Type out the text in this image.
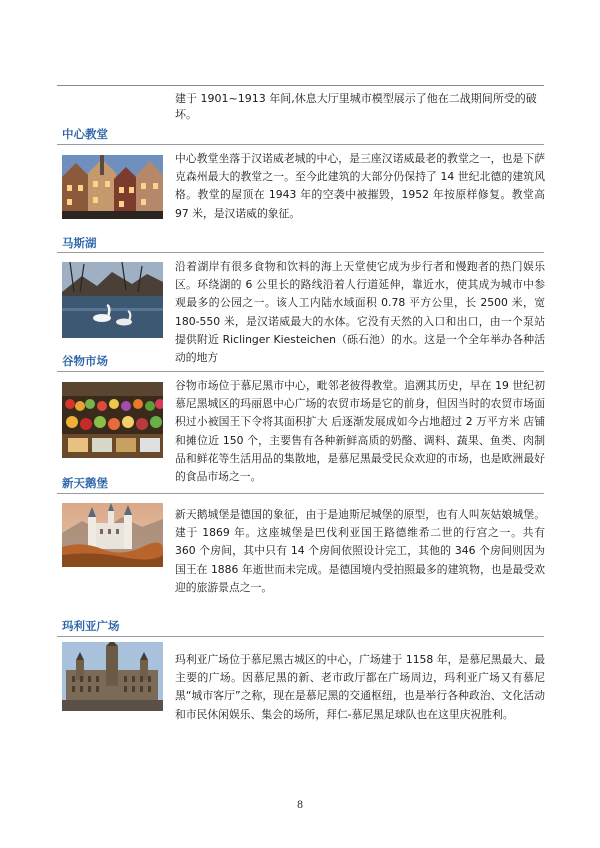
建于 1901~1913 年间,休息大厅里城市模型展示了他在二战期间所受的破坏。
中心教堂
中心教堂坐落于汉诺威老城的中心，是三座汉诺威最老的教堂之一，也是下萨克森州最大的教堂之一。至今此建筑的大部分仍保持了 14 世纪北德的建筑风格。教堂的屋顶在 1943 年的空袭中被摧毁，1952 年按原样修复。教堂高 97 米，是汉诺威的象征。
马斯湖
沿着湖岸有很多食物和饮料的海上天堂使它成为步行者和慢跑者的热门娱乐区。环绕湖的 6 公里长的路线沿着人行道延伸，靠近水，使其成为城市中参观最多的公园之一。该人工内陆水域面积 0.78 平方公里，长 2500 米，宽 180-550 米，是汉诺威最大的水体。它没有天然的入口和出口，由一个泵站提供附近 Riclinger Kiesteichen（砾石池）的水。这是一个全年举办各种活动的地方
谷物市场
谷物市场位于慕尼黑市中心，毗邻老彼得教堂。追溯其历史，早在 19 世纪初慕尼黑城区的玛丽恩中心广场的农贸市场是它的前身，但因当时的农贸市场面积过小被国王下令将其面积扩大 后逐渐发展成如今占地超过 2 万平方米 店铺和摊位近 150 个，主要售有各种新鲜高质的奶酪、调料、蔬果、鱼类、肉制品和鲜花等生活用品的集散地，是慕尼黑最受民众欢迎的市场，也是欧洲最好的食品市场之一。
新天鹅堡
新天鹅城堡是德国的象征，由于是迪斯尼城堡的原型，也有人叫灰姑娘城堡。建于 1869 年。这座城堡是巴伐利亚国王路德维希二世的行宫之一。共有 360 个房间，其中只有 14 个房间依照设计完工，其他的 346 个房间则因为国王在 1886 年逝世而未完成。是德国境内受拍照最多的建筑物，也是最受欢迎的旅游景点之一。
玛利亚广场
玛利亚广场位于慕尼黑古城区的中心，广场建于 1158 年，是慕尼黑最大、最主要的广场。因慕尼黑的新、老市政厅都在广场周边，玛利亚广场又有慕尼黑“城市客厅”之称，现在是慕尼黑的交通枢纽，也是举行各种政治、文化活动和市民休闲娱乐、集会的场所，拜仁-慕尼黑足球队也在这里庆祝胜利。
8
